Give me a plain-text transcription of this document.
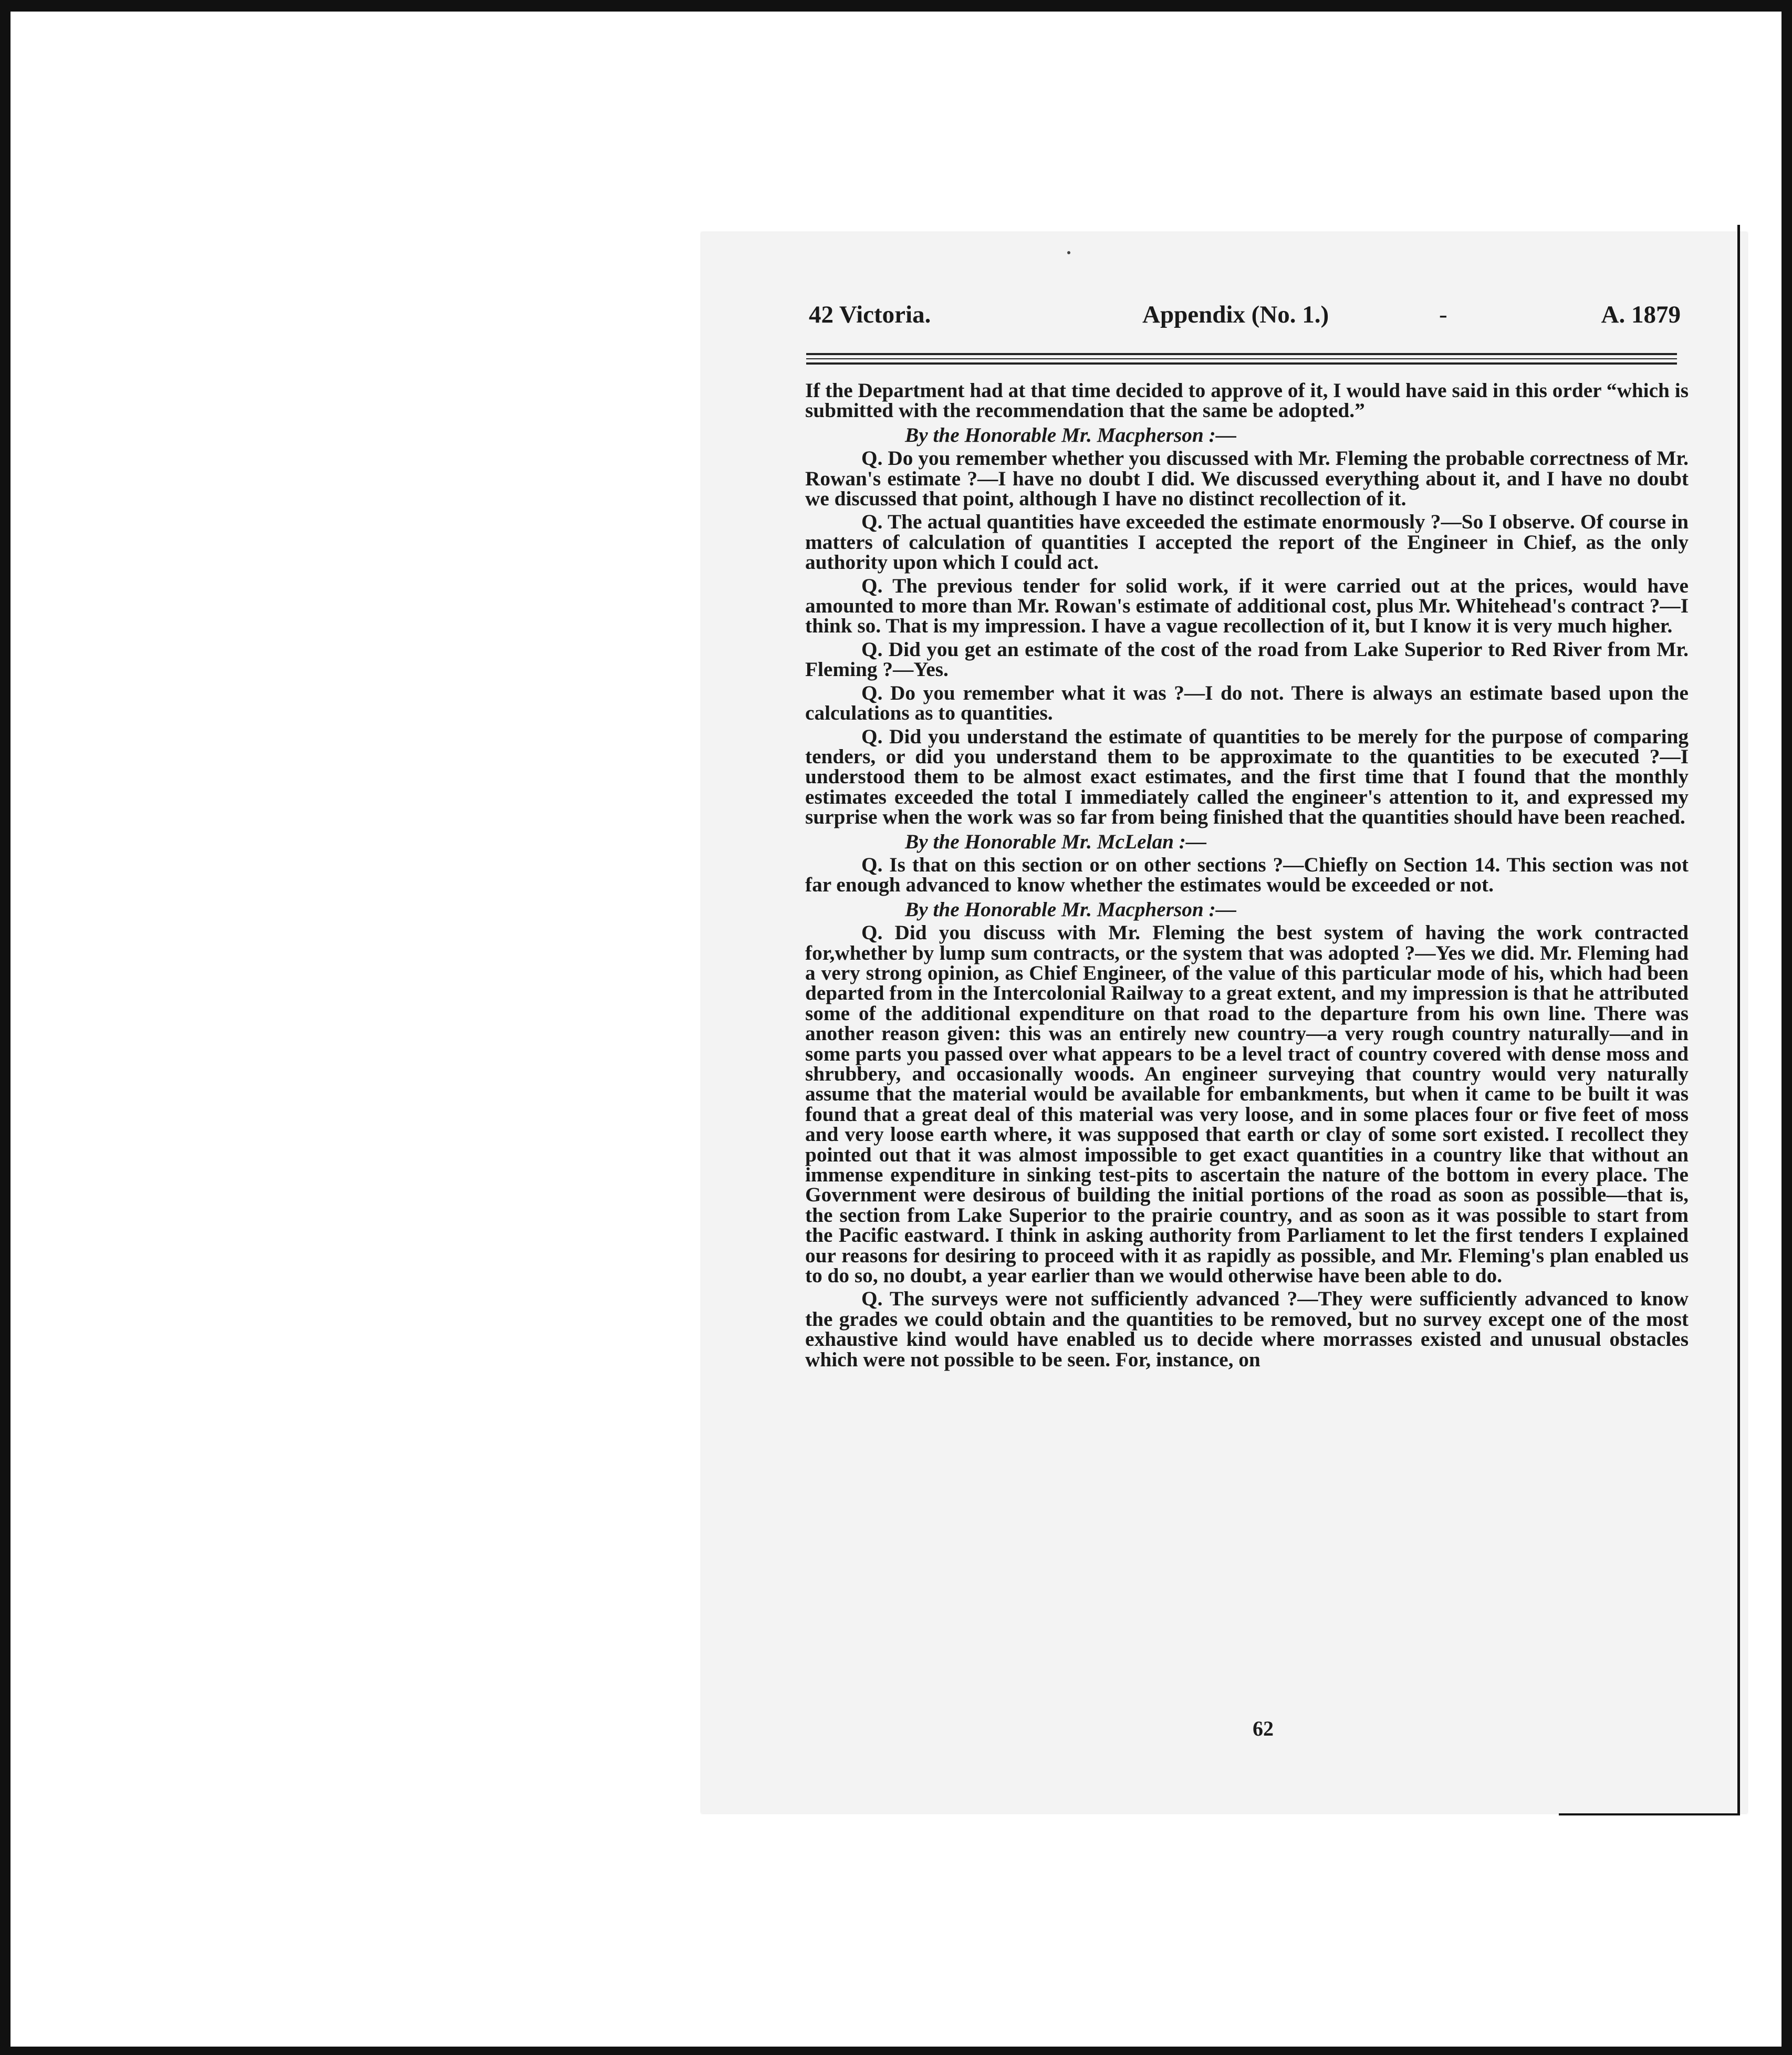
42 Victoria.	Appendix (No. 1.)	-	A. 1879

If the Department had at that time decided to approve of it, I would have said in this order “which is submitted with the recommendation that the same be adopted.”

By the Honorable Mr. Macpherson :—

Q. Do you remember whether you discussed with Mr. Fleming the probable correctness of Mr. Rowan's estimate ?—I have no doubt I did. We discussed everything about it, and I have no doubt we discussed that point, although I have no distinct recollection of it.

Q. The actual quantities have exceeded the estimate enormously ?—So I observe. Of course in matters of calculation of quantities I accepted the report of the Engineer in Chief, as the only authority upon which I could act.

Q. The previous tender for solid work, if it were carried out at the prices, would have amounted to more than Mr. Rowan's estimate of additional cost, plus Mr. Whitehead's contract ?—I think so. That is my impression. I have a vague recollection of it, but I know it is very much higher.

Q. Did you get an estimate of the cost of the road from Lake Superior to Red River from Mr. Fleming ?—Yes.

Q. Do you remember what it was ?—I do not. There is always an estimate based upon the calculations as to quantities.

Q. Did you understand the estimate of quantities to be merely for the purpose of comparing tenders, or did you understand them to be approximate to the quantities to be executed ?—I understood them to be almost exact estimates, and the first time that I found that the monthly estimates exceeded the total I immediately called the engineer's attention to it, and expressed my surprise when the work was so far from being finished that the quantities should have been reached.

By the Honorable Mr. McLelan :—

Q. Is that on this section or on other sections ?—Chiefly on Section 14. This section was not far enough advanced to know whether the estimates would be exceeded or not.

By the Honorable Mr. Macpherson :—

Q. Did you discuss with Mr. Fleming the best system of having the work contracted for,whether by lump sum contracts, or the system that was adopted ?—Yes we did. Mr. Fleming had a very strong opinion, as Chief Engineer, of the value of this particular mode of his, which had been departed from in the Intercolonial Railway to a great extent, and my impression is that he attributed some of the additional expenditure on that road to the departure from his own line. There was another reason given: this was an entirely new country—a very rough country naturally—and in some parts you passed over what appears to be a level tract of country covered with dense moss and shrubbery, and occasionally woods. An engineer surveying that country would very naturally assume that the material would be available for embankments, but when it came to be built it was found that a great deal of this material was very loose, and in some places four or five feet of moss and very loose earth where, it was supposed that earth or clay of some sort existed. I recollect they pointed out that it was almost impossible to get exact quantities in a country like that without an immense expenditure in sinking test-pits to ascertain the nature of the bottom in every place. The Government were desirous of building the initial portions of the road as soon as possible—that is, the section from Lake Superior to the prairie country, and as soon as it was possible to start from the Pacific eastward. I think in asking authority from Parliament to let the first tenders I explained our reasons for desiring to proceed with it as rapidly as possible, and Mr. Fleming's plan enabled us to do so, no doubt, a year earlier than we would otherwise have been able to do.

Q. The surveys were not sufficiently advanced ?—They were sufficiently advanced to know the grades we could obtain and the quantities to be removed, but no survey except one of the most exhaustive kind would have enabled us to decide where morrasses existed and unusual obstacles which were not possible to be seen. For, instance, on

62
